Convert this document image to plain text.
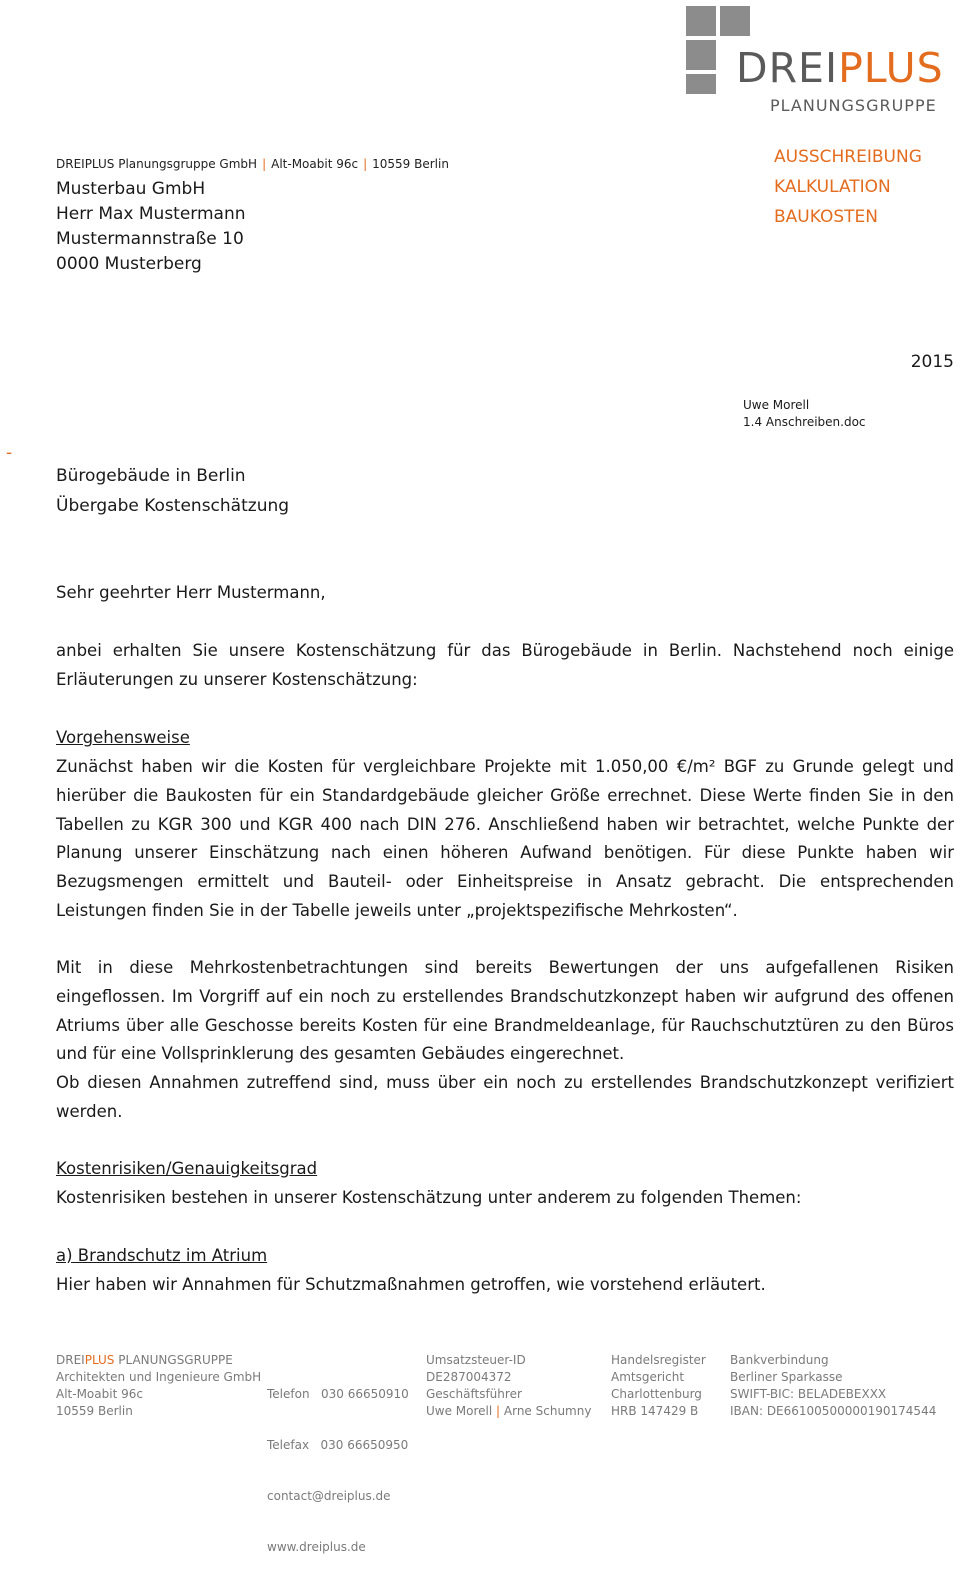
DREIPLUS
PLANUNGSGRUPPE
DREIPLUS Planungsgruppe GmbH | Alt-Moabit 96c | 10559 Berlin
Musterbau GmbH
Herr Max Mustermann
Mustermannstraße 10
0000 Musterberg
AUSSCHREIBUNG
KALKULATION
BAUKOSTEN
2015
Uwe Morell
1.4 Anschreiben.doc
-
Bürogebäude in Berlin
Übergabe Kostenschätzung
Sehr geehrter Herr Mustermann,
anbei erhalten Sie unsere Kostenschätzung für das Bürogebäude in Berlin. Nachstehend noch einige Erläuterungen zu unserer Kostenschätzung:
Vorgehensweise
Zunächst haben wir die Kosten für vergleichbare Projekte mit 1.050,00 €/m² BGF zu Grunde gelegt und hierüber die Baukosten für ein Standardgebäude gleicher Größe errechnet. Diese Werte finden Sie in den Tabellen zu KGR 300 und KGR 400 nach DIN 276. Anschließend haben wir betrachtet, welche Punkte der Planung unserer Einschätzung nach einen höheren Aufwand benötigen. Für diese Punkte haben wir Bezugsmengen ermittelt und Bauteil- oder Einheitspreise in Ansatz gebracht. Die entsprechenden Leistungen finden Sie in der Tabelle jeweils unter „projektspezifische Mehrkosten“.
Mit in diese Mehrkostenbetrachtungen sind bereits Bewertungen der uns aufgefallenen Risiken eingeflossen. Im Vorgriff auf ein noch zu erstellendes Brandschutzkonzept haben wir aufgrund des offenen Atriums über alle Geschosse bereits Kosten für eine Brandmeldeanlage, für Rauchschutztüren zu den Büros und für eine Vollsprinklerung des gesamten Gebäudes eingerechnet.
Ob diesen Annahmen zutreffend sind, muss über ein noch zu erstellendes Brandschutzkonzept verifiziert werden.
Kostenrisiken/Genauigkeitsgrad
Kostenrisiken bestehen in unserer Kostenschätzung unter anderem zu folgenden Themen:
a) Brandschutz im Atrium
Hier haben wir Annahmen für Schutzmaßnahmen getroffen, wie vorstehend erläutert.
DREIPLUS PLANUNGSGRUPPE
Architekten und Ingenieure GmbH
Alt-Moabit 96c
10559 Berlin

Telefon   030 66650910

Telefax   030 66650950

contact@dreiplus.de

www.dreiplus.de

Umsatzsteuer-ID
DE287004372
Geschäftsführer
Uwe Morell | Arne Schumny
Handelsregister
Amtsgericht
Charlottenburg
HRB 147429 B
Bankverbindung
Berliner Sparkasse
SWIFT-BIC: BELADEBEXXX
IBAN: DE66100500000190174544
